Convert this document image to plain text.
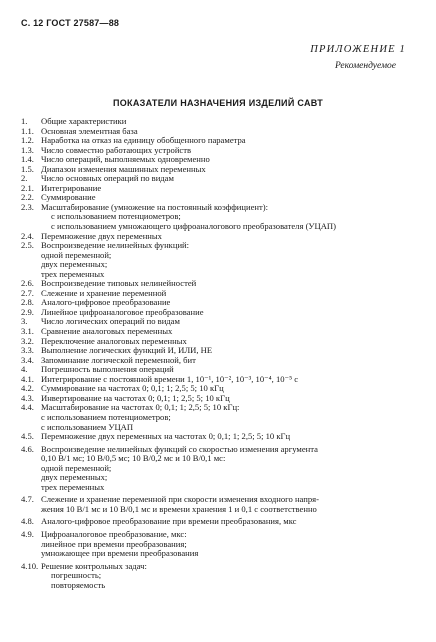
С. 12 ГОСТ 27587—88
ПРИЛОЖЕНИЕ 1
Рекомендуемое
ПОКАЗАТЕЛИ НАЗНАЧЕНИЯ ИЗДЕЛИЙ САВТ
1. Общие характеристики
1.1. Основная элементная база
1.2. Наработка на отказ на единицу обобщенного параметра
1.3. Число совместно работающих устройств
1.4. Число операций, выполняемых одновременно
1.5. Диапазон изменения машинных переменных
2. Число основных операций по видам
2.1. Интегрирование
2.2. Суммирование
2.3. Масштабирование (умножение на постоянный коэффициент):
с использованием потенциометров;
с использованием умножающего цифроаналогового преобразователя (УЦАП)
2.4. Перемножение двух переменных
2.5. Воспроизведение нелинейных функций:
одной переменной;
двух переменных;
трех переменных
2.6. Воспроизведение типовых нелинейностей
2.7. Слежение и хранение переменной
2.8. Аналого-цифровое преобразование
2.9. Линейное цифроаналоговое преобразование
3. Число логических операций по видам
3.1. Сравнение аналоговых переменных
3.2. Переключение аналоговых переменных
3.3. Выполнение логических функций И, ИЛИ, НЕ
3.4. Запоминание логической переменной, бит
4. Погрешность выполнения операций
4.1. Интегрирование с постоянной времени 1, 10⁻¹, 10⁻², 10⁻³, 10⁻⁴, 10⁻⁵ с
4.2. Суммирование на частотах 0; 0,1; 1; 2,5; 5; 10 кГц
4.3. Инвертирование на частотах 0; 0,1; 1; 2,5; 5; 10 кГц
4.4. Масштабирование на частотах 0; 0,1; 1; 2,5; 5; 10 кГц:
с использованием потенциометров;
с использованием УЦАП
4.5. Перемножение двух переменных на частотах 0; 0,1; 1; 2,5; 5; 10 кГц
4.6. Воспроизведение нелинейных функций со скоростью изменения аргумента
0,10 В/1 мс; 10 В/0,5 мс; 10 В/0,2 мс и 10 В/0,1 мс:
одной переменной;
двух переменных;
трех переменных
4.7. Слежение и хранение переменной при скорости изменения входного напря-
жения 10 В/1 мс и 10 В/0,1 мс и времени хранения 1 и 0,1 с соответственно
4.8. Аналого-цифровое преобразование при времени преобразования, мкс
4.9. Цифроаналоговое преобразование, мкс:
линейное при времени преобразования;
умножающее при времени преобразования
4.10. Решение контрольных задач:
погрешность;
повторяемость
